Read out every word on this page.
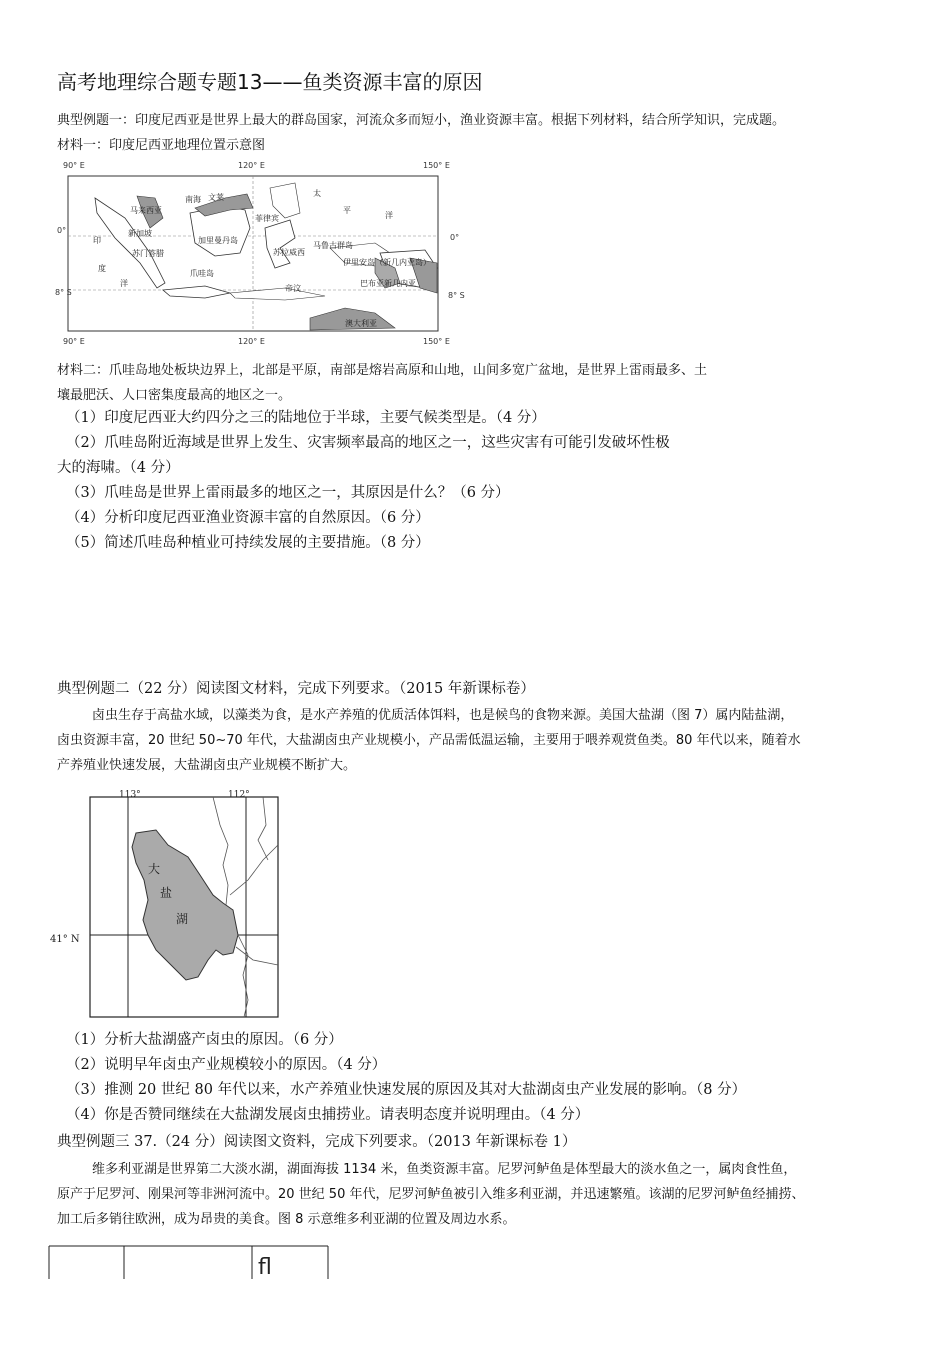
高考地理综合题专题13——鱼类资源丰富的原因
典型例题一：印度尼西亚是世界上最大的群岛国家，河流众多而短小，渔业资源丰富。根据下列材料，结合所学知识，完成题。
材料一：印度尼西亚地理位置示意图
90° E	120° E	150° E
0°
0°
8° S	8° S
90° E	120° E	150° E
印
度
洋
太
平
洋
南海 文莱
马来西亚
新加坡
苏门答腊
加里曼丹岛
爪哇岛
菲律宾
苏拉威西
马鲁古群岛
伊里安岛（新几内亚岛）
巴布亚新几内亚
帝汶
澳大利亚
材料二：爪哇岛地处板块边界上，北部是平原，南部是熔岩高原和山地，山间多宽广盆地，是世界上雷雨最多、土
壤最肥沃、人口密集度最高的地区之一。
（1）印度尼西亚大约四分之三的陆地位于半球，主要气候类型是。（4 分）
（2）爪哇岛附近海域是世界上发生、灾害频率最高的地区之一，这些灾害有可能引发破坏性极
大的海啸。（4 分）
（3）爪哇岛是世界上雷雨最多的地区之一，其原因是什么？（6 分）
（4）分析印度尼西亚渔业资源丰富的自然原因。（6 分）
（5）简述爪哇岛种植业可持续发展的主要措施。（8 分）
典型例题二（22 分）阅读图文材料，完成下列要求。（2015 年新课标卷）
卤虫生存于高盐水域，以藻类为食，是水产养殖的优质活体饵料，也是候鸟的食物来源。美国大盐湖（图 7）属内陆盐湖，
卤虫资源丰富，20 世纪 50~70 年代，大盐湖卤虫产业规模小，产品需低温运输，主要用于喂养观赏鱼类。80 年代以来，随着水
产养殖业快速发展，大盐湖卤虫产业规模不断扩大。
113°	112°
41° N
大
盐
湖
（1）分析大盐湖盛产卤虫的原因。（6 分）
（2）说明早年卤虫产业规模较小的原因。（4 分）
（3）推测 20 世纪 80 年代以来，水产养殖业快速发展的原因及其对大盐湖卤虫产业发展的影响。（8 分）
（4）你是否赞同继续在大盐湖发展卤虫捕捞业。请表明态度并说明理由。（4 分）
典型例题三 37.（24 分）阅读图文资料，完成下列要求。（2013 年新课标卷 1）
维多利亚湖是世界第二大淡水湖，湖面海拔 1134 米，鱼类资源丰富。尼罗河鲈鱼是体型最大的淡水鱼之一，属肉食性鱼，
原产于尼罗河、刚果河等非洲河流中。20 世纪 50 年代，尼罗河鲈鱼被引入维多利亚湖，并迅速繁殖。该湖的尼罗河鲈鱼经捕捞、
加工后多销往欧洲，成为昂贵的美食。图 8 示意维多利亚湖的位置及周边水系。
fl
